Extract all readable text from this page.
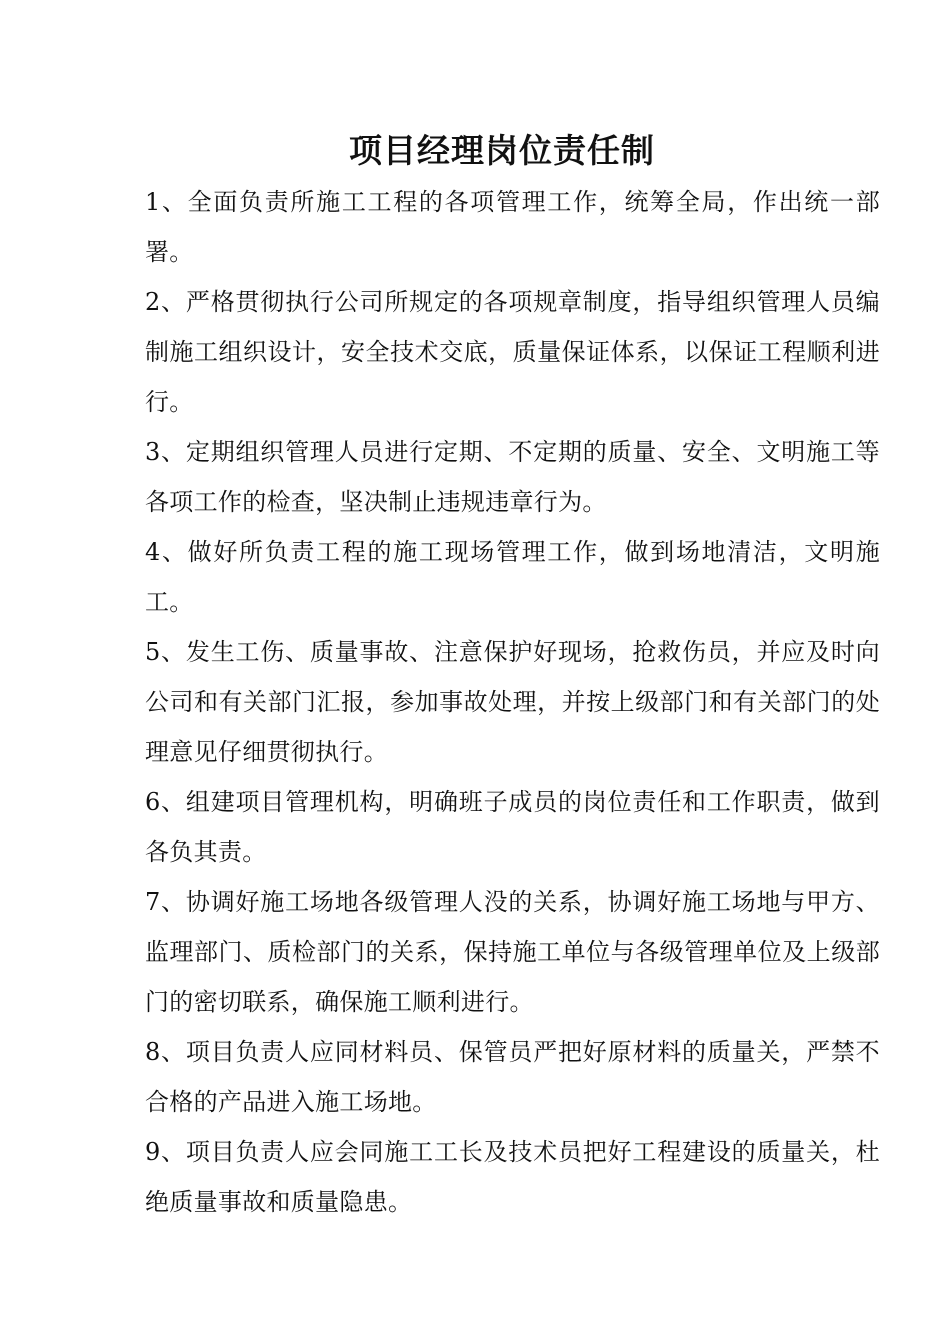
项目经理岗位责任制

1、全面负责所施工工程的各项管理工作，统筹全局，作出统一部署。

2、严格贯彻执行公司所规定的各项规章制度，指导组织管理人员编制施工组织设计，安全技术交底，质量保证体系，以保证工程顺利进行。

3、定期组织管理人员进行定期、不定期的质量、安全、文明施工等各项工作的检查，坚决制止违规违章行为。

4、做好所负责工程的施工现场管理工作，做到场地清洁，文明施工。

5、发生工伤、质量事故、注意保护好现场，抢救伤员，并应及时向公司和有关部门汇报，参加事故处理，并按上级部门和有关部门的处理意见仔细贯彻执行。

6、组建项目管理机构，明确班子成员的岗位责任和工作职责，做到各负其责。

7、协调好施工场地各级管理人没的关系，协调好施工场地与甲方、监理部门、质检部门的关系，保持施工单位与各级管理单位及上级部门的密切联系，确保施工顺利进行。

8、项目负责人应同材料员、保管员严把好原材料的质量关，严禁不合格的产品进入施工场地。

9、项目负责人应会同施工工长及技术员把好工程建设的质量关，杜绝质量事故和质量隐患。
